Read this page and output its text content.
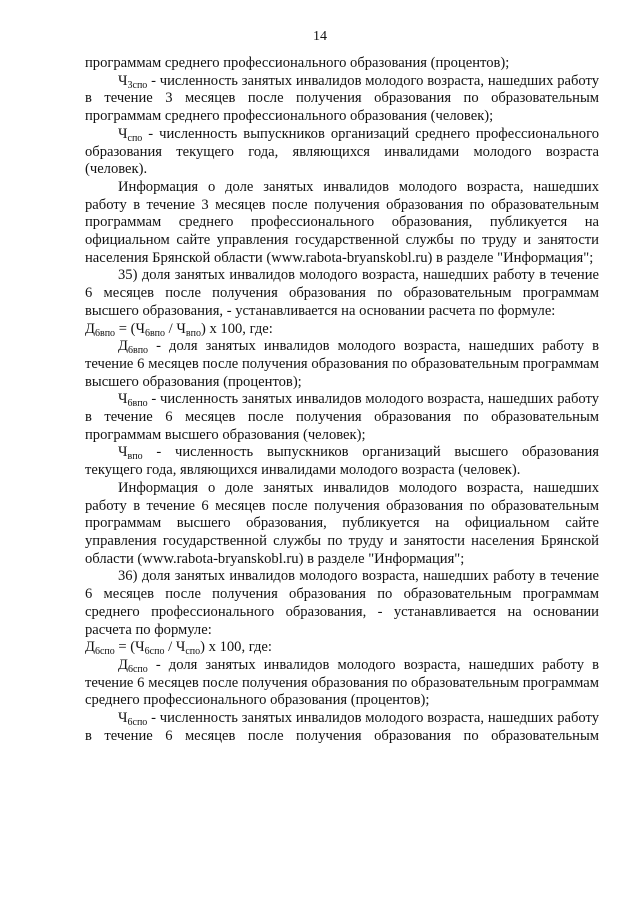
14

программам среднего профессионального образования (процентов);

$Ч_{3спо}$ - численность занятых инвалидов молодого возраста, нашедших работу в течение 3 месяцев после получения образования по образовательным программам среднего профессионального образования (человек);

$Ч_{спо}$ - численность выпускников организаций среднего профессионального образования текущего года, являющихся инвалидами молодого возраста (человек).

Информация о доле занятых инвалидов молодого возраста, нашедших работу в течение 3 месяцев после получения образования по образовательным программам среднего профессионального образования, публикуется на официальном сайте управления государственной службы по труду и занятости населения Брянской области (www.rabota-bryanskobl.ru) в разделе "Информация";

35) доля занятых инвалидов молодого возраста, нашедших работу в течение 6 месяцев после получения образования по образовательным программам высшего образования, - устанавливается на основании расчета по формуле:

$Д_{6впо} = (Ч_{6впо} / Ч_{впо})$ х 100, где:

$Д_{6впо}$ - доля занятых инвалидов молодого возраста, нашедших работу в течение 6 месяцев после получения образования по образовательным программам высшего образования (процентов);

$Ч_{6впо}$ - численность занятых инвалидов молодого возраста, нашедших работу в течение 6 месяцев после получения образования по образовательным программам высшего образования (человек);

$Ч_{впо}$ - численность выпускников организаций высшего образования текущего года, являющихся инвалидами молодого возраста (человек).

Информация о доле занятых инвалидов молодого возраста, нашедших работу в течение 6 месяцев после получения образования по образовательным программам высшего образования, публикуется на официальном сайте управления государственной службы по труду и занятости населения Брянской области (www.rabota-bryanskobl.ru) в разделе "Информация";

36) доля занятых инвалидов молодого возраста, нашедших работу в течение 6 месяцев после получения образования по образовательным программам среднего профессионального образования, - устанавливается на основании расчета по формуле:

$Д_{6спо} = (Ч_{6спо} / Ч_{спо})$ х 100, где:

$Д_{6спо}$ - доля занятых инвалидов молодого возраста, нашедших работу в течение 6 месяцев после получения образования по образовательным программам среднего профессионального образования (процентов);

$Ч_{6спо}$ - численность занятых инвалидов молодого возраста, нашедших работу в течение 6 месяцев после получения образования по образовательным
